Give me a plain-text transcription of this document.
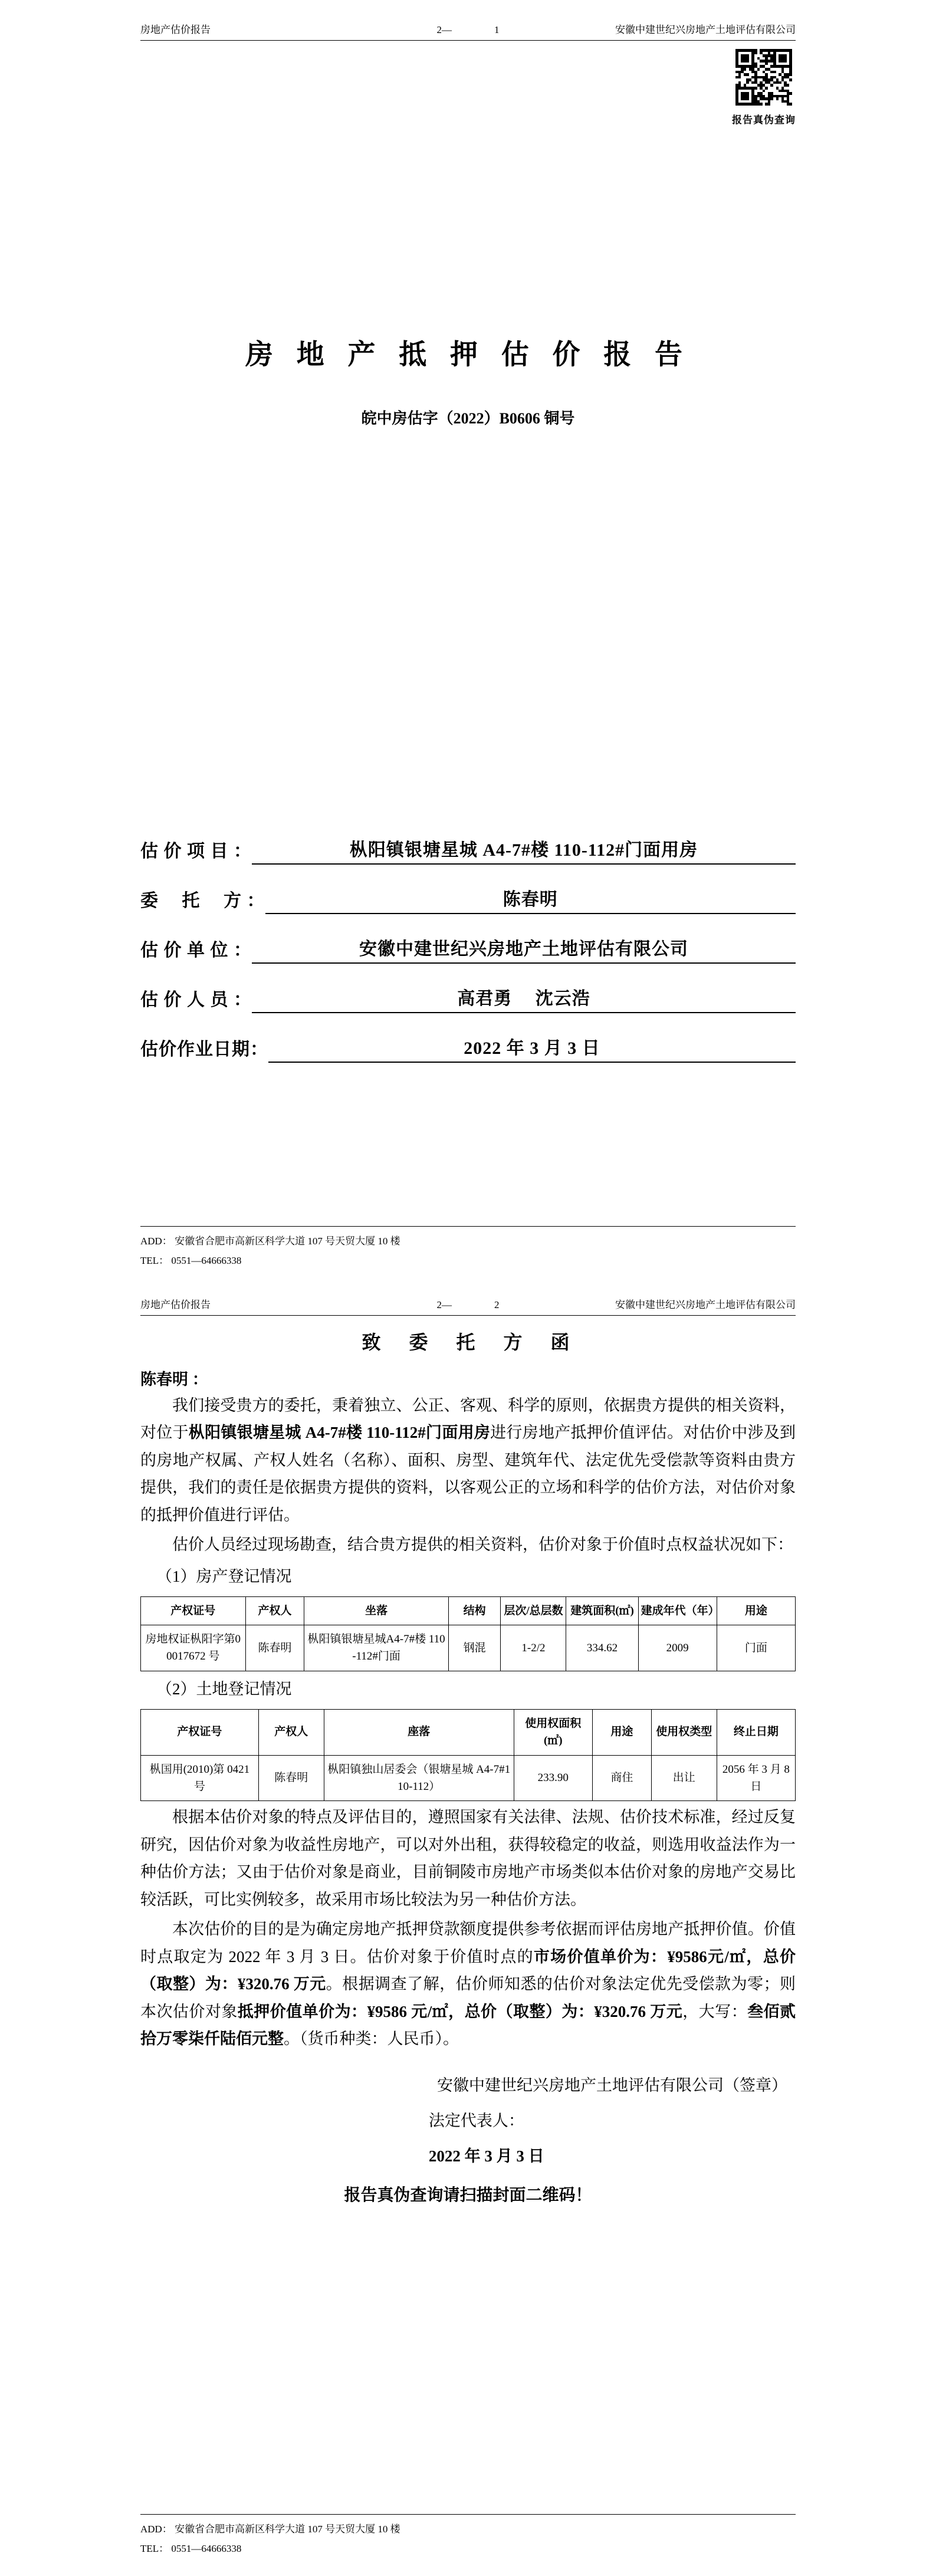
房地产估价报告	2—	1	安徽中建世纪兴房地产土地评估有限公司
报告真伪查询
房 地 产 抵 押 估 价 报 告
皖中房估字（2022）B0606 铜号
估 价 项 目 ：	枞阳镇银塘星城 A4-7#楼 110-112#门面用房
委　 托　 方 ：	陈春明
估 价 单 位 ：	安徽中建世纪兴房地产土地评估有限公司
估 价 人 员 ：	高君勇　 沈云浩
估价作业日期：	2022 年 3 月 3 日
ADD： 安徽省合肥市高新区科学大道 107 号天贸大厦 10 楼
TEL： 0551—64666338
房地产估价报告	2—	2	安徽中建世纪兴房地产土地评估有限公司
致　委　托　方　函
陈春明 ：

我们接受贵方的委托，秉着独立、公正、客观、科学的原则，依据贵方提供的相关资料，对位于枞阳镇银塘星城 A4-7#楼 110-112#门面用房进行房地产抵押价值评估。对估价中涉及到的房地产权属、产权人姓名（名称）、面积、房型、建筑年代、法定优先受偿款等资料由贵方提供，我们的责任是依据贵方提供的资料，以客观公正的立场和科学的估价方法，对估价对象的抵押价值进行评估。

估价人员经过现场勘查，结合贵方提供的相关资料，估价对象于价值时点权益状况如下：

（1）房产登记情况
产权证号	产权人	坐落	结构	层次/总层数	建筑面积(㎡)	建成年代（年）	用途
房地权证枞阳字第00017672 号	陈春明	枞阳镇银塘星城A4-7#楼 110-112#门面	钢混	1-2/2	334.62	2009	门面
（2）土地登记情况
产权证号	产权人	座落	使用权面积(㎡)	用途	使用权类型	终止日期
枞国用(2010)第 0421 号	陈春明	枞阳镇独山居委会（银塘星城 A4-7#110-112）	233.90	商住	出让	2056 年 3 月 8 日

根据本估价对象的特点及评估目的，遵照国家有关法律、法规、估价技术标准，经过反复研究，因估价对象为收益性房地产，可以对外出租，获得较稳定的收益，则选用收益法作为一种估价方法；又由于估价对象是商业，目前铜陵市房地产市场类似本估价对象的房地产交易比较活跃，可比实例较多，故采用市场比较法为另一种估价方法。

本次估价的目的是为确定房地产抵押贷款额度提供参考依据而评估房地产抵押价值。价值时点取定为 2022 年 3 月 3 日。估价对象于价值时点的市场价值单价为：¥9586元/㎡，总价（取整）为：¥320.76 万元。根据调查了解，估价师知悉的估价对象法定优先受偿款为零；则本次估价对象抵押价值单价为：¥9586 元/㎡，总价（取整）为：¥320.76 万元，大写：叁佰贰拾万零柒仟陆佰元整。（货币种类：人民币）。

安徽中建世纪兴房地产土地评估有限公司（签章）
法定代表人：
2022 年 3 月 3 日
报告真伪查询请扫描封面二维码！
ADD： 安徽省合肥市高新区科学大道 107 号天贸大厦 10 楼
TEL： 0551—64666338
